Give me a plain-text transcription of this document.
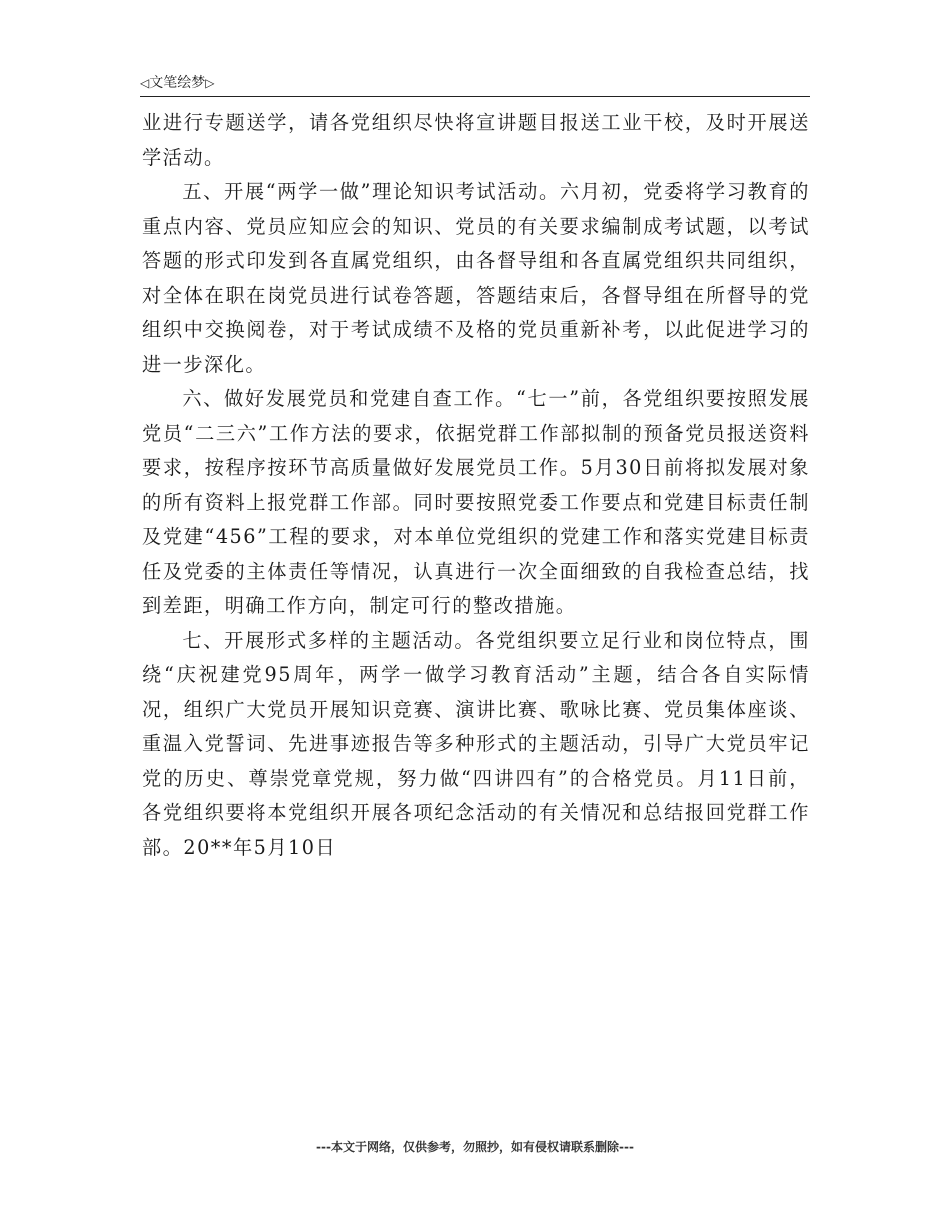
◁文笔绘梦▷

业进行专题送学，请各党组织尽快将宣讲题目报送工业干校，及时开展送学活动。

五、开展“两学一做”理论知识考试活动。六月初，党委将学习教育的重点内容、党员应知应会的知识、党员的有关要求编制成考试题，以考试答题的形式印发到各直属党组织，由各督导组和各直属党组织共同组织，对全体在职在岗党员进行试卷答题，答题结束后，各督导组在所督导的党组织中交换阅卷，对于考试成绩不及格的党员重新补考，以此促进学习的进一步深化。

六、做好发展党员和党建自查工作。“七一”前，各党组织要按照发展党员“二三六”工作方法的要求，依据党群工作部拟制的预备党员报送资料要求，按程序按环节高质量做好发展党员工作。5月30日前将拟发展对象的所有资料上报党群工作部。同时要按照党委工作要点和党建目标责任制及党建“456”工程的要求，对本单位党组织的党建工作和落实党建目标责任及党委的主体责任等情况，认真进行一次全面细致的自我检查总结，找到差距，明确工作方向，制定可行的整改措施。

七、开展形式多样的主题活动。各党组织要立足行业和岗位特点，围绕“庆祝建党95周年，两学一做学习教育活动”主题，结合各自实际情况，组织广大党员开展知识竞赛、演讲比赛、歌咏比赛、党员集体座谈、重温入党誓词、先进事迹报告等多种形式的主题活动，引导广大党员牢记党的历史、尊崇党章党规，努力做“四讲四有”的合格党员。月11日前，各党组织要将本党组织开展各项纪念活动的有关情况和总结报回党群工作部。20**年5月10日

---本文于网络，仅供参考，勿照抄，如有侵权请联系删除---
